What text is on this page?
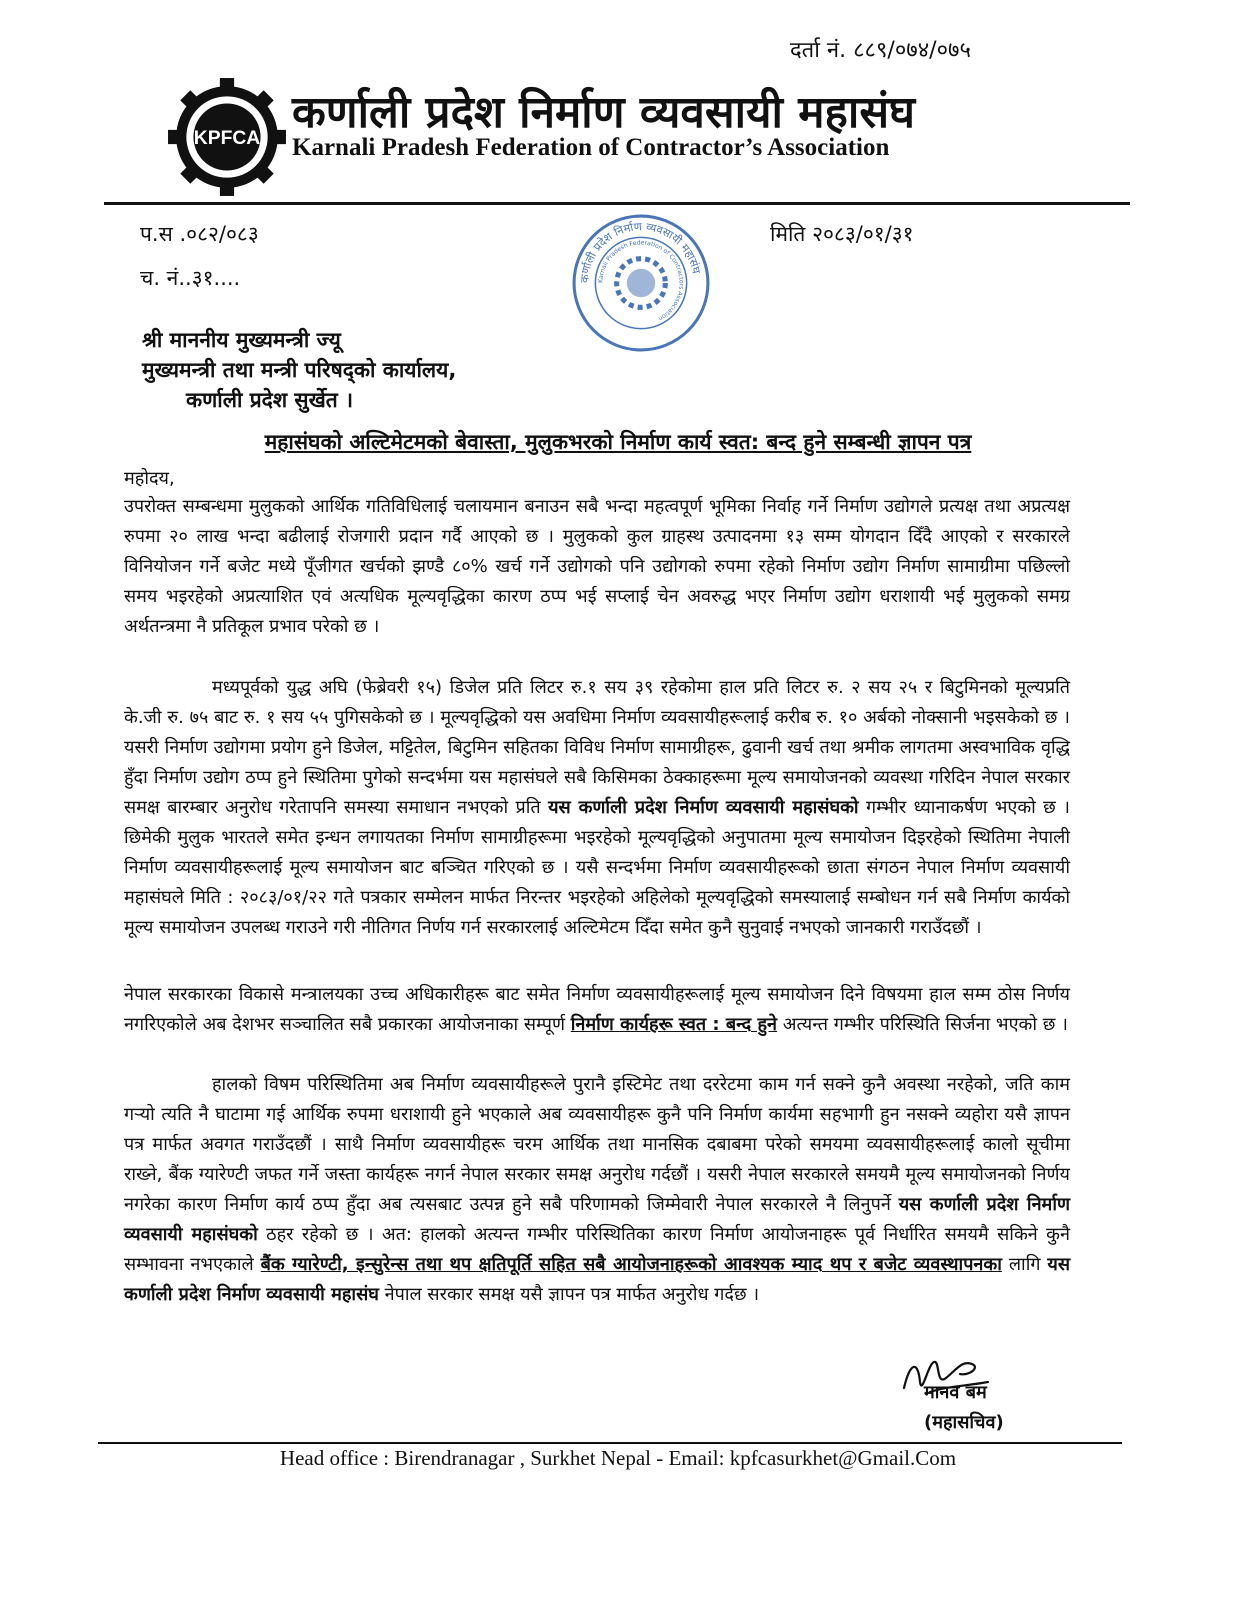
दर्ता नं. ८८९/०७४/०७५
KPFCA
कर्णाली प्रदेश निर्माण व्यवसायी महासंघ
Karnali Pradesh Federation of Contractor’s Association
प.स .०८२/०८३
च. नं..३१....	कर्णाली प्रदेश निर्माण व्यवसायी महासंघ
Karnali Pradesh Federation of Contractors Association
मिति २०८३/०१/३१
श्री माननीय मुख्यमन्त्री ज्यू
मुख्यमन्त्री तथा मन्त्री परिषद्को कार्यालय,
कर्णाली प्रदेश सुर्खेत ।
महासंघको अल्टिमेटमको बेवास्ता, मुलुकभरको निर्माण कार्य स्वत: बन्द हुने सम्बन्धी ज्ञापन पत्र
महोदय,

उपरोक्त सम्बन्धमा मुलुकको आर्थिक गतिविधिलाई चलायमान बनाउन सबै भन्दा महत्वपूर्ण भूमिका निर्वाह गर्ने निर्माण उद्योगले प्रत्यक्ष तथा अप्रत्यक्ष रुपमा २० लाख भन्दा बढीलाई रोजगारी प्रदान गर्दै आएको छ । मुलुकको कुल ग्राहस्थ उत्पादनमा १३ सम्म योगदान दिँदै आएको र सरकारले विनियोजन गर्ने बजेट मध्ये पूँजीगत खर्चको झण्डै ८०% खर्च गर्ने उद्योगको पनि उद्योगको रुपमा रहेको निर्माण उद्योग निर्माण सामाग्रीमा पछिल्लो समय भइरहेको अप्रत्याशित एवं अत्यधिक मूल्यवृद्धिका कारण ठप्प भई सप्लाई चेन अवरुद्ध भएर निर्माण उद्योग धराशायी भई मुलुकको समग्र अर्थतन्त्रमा नै प्रतिकूल प्रभाव परेको छ ।

मध्यपूर्वको युद्ध अघि (फेब्रेवरी १५) डिजेल प्रति लिटर रु.१ सय ३९ रहेकोमा हाल प्रति लिटर रु. २ सय २५ र बिटुमिनको मूल्यप्रति के.जी रु. ७५ बाट रु. १ सय ५५ पुगिसकेको छ । मूल्यवृद्धिको यस अवधिमा निर्माण व्यवसायीहरूलाई करीब रु. १० अर्बको नोक्सानी भइसकेको छ । यसरी निर्माण उद्योगमा प्रयोग हुने डिजेल, मट्टितेल, बिटुमिन सहितका विविध निर्माण सामाग्रीहरू, ढुवानी खर्च तथा श्रमीक लागतमा अस्वभाविक वृद्धि हुँदा निर्माण उद्योग ठप्प हुने स्थितिमा पुगेको सन्दर्भमा यस महासंघले सबै किसिमका ठेक्काहरूमा मूल्य समायोजनको व्यवस्था गरिदिन नेपाल सरकार समक्ष बारम्बार अनुरोध गरेतापनि समस्या समाधान नभएको प्रति यस कर्णाली प्रदेश निर्माण व्यवसायी महासंघको गम्भीर ध्यानाकर्षण भएको छ । छिमेकी मुलुक भारतले समेत इन्धन लगायतका निर्माण सामाग्रीहरूमा भइरहेको मूल्यवृद्धिको अनुपातमा मूल्य समायोजन दिइरहेको स्थितिमा नेपाली निर्माण व्यवसायीहरूलाई मूल्य समायोजन बाट बञ्चित गरिएको छ । यसै सन्दर्भमा निर्माण व्यवसायीहरूको छाता संगठन नेपाल निर्माण व्यवसायी महासंघले मिति : २०८३/०१/२२ गते पत्रकार सम्मेलन मार्फत निरन्तर भइरहेको अहिलेको मूल्यवृद्धिको समस्यालाई सम्बोधन गर्न सबै निर्माण कार्यको मूल्य समायोजन उपलब्ध गराउने गरी नीतिगत निर्णय गर्न सरकारलाई अल्टिमेटम दिँदा समेत कुनै सुनुवाई नभएको जानकारी गराउँदछौं ।

नेपाल सरकारका विकासे मन्त्रालयका उच्च अधिकारीहरू बाट समेत निर्माण व्यवसायीहरूलाई मूल्य समायोजन दिने विषयमा हाल सम्म ठोस निर्णय नगरिएकोले अब देशभर सञ्चालित सबै प्रकारका आयोजनाका सम्पूर्ण निर्माण कार्यहरू स्वत : बन्द हुने अत्यन्त गम्भीर परिस्थिति सिर्जना भएको छ ।

हालको विषम परिस्थितिमा अब निर्माण व्यवसायीहरूले पुरानै इस्टिमेट तथा दररेटमा काम गर्न सक्ने कुनै अवस्था नरहेको, जति काम गऱ्यो त्यति नै घाटामा गई आर्थिक रुपमा धराशायी हुने भएकाले अब व्यवसायीहरू कुनै पनि निर्माण कार्यमा सहभागी हुन नसक्ने व्यहोरा यसै ज्ञापन पत्र मार्फत अवगत गराउँदछौं । साथै निर्माण व्यवसायीहरू चरम आर्थिक तथा मानसिक दबाबमा परेको समयमा व्यवसायीहरूलाई कालो सूचीमा राख्ने, बैंक ग्यारेण्टी जफत गर्ने जस्ता कार्यहरू नगर्न नेपाल सरकार समक्ष अनुरोध गर्दछौं । यसरी नेपाल सरकारले समयमै मूल्य समायोजनको निर्णय नगरेका कारण निर्माण कार्य ठप्प हुँदा अब त्यसबाट उत्पन्न हुने सबै परिणामको जिम्मेवारी नेपाल सरकारले नै लिनुपर्ने यस कर्णाली प्रदेश निर्माण व्यवसायी महासंघको ठहर रहेको छ । अत: हालको अत्यन्त गम्भीर परिस्थितिका कारण निर्माण आयोजनाहरू पूर्व निर्धारित समयमै सकिने कुनै सम्भावना नभएकाले बैंक ग्यारेण्टी, इन्सुरेन्स तथा थप क्षतिपूर्ति सहित सबै आयोजनाहरूको आवश्यक म्याद थप र बजेट व्यवस्थापनका लागि यस कर्णाली प्रदेश निर्माण व्यवसायी महासंघ नेपाल सरकार समक्ष यसै ज्ञापन पत्र मार्फत अनुरोध गर्दछ ।

मानव बम
(महासचिव)
Head office : Birendranagar , Surkhet Nepal - Email: kpfcasurkhet@Gmail.Com
